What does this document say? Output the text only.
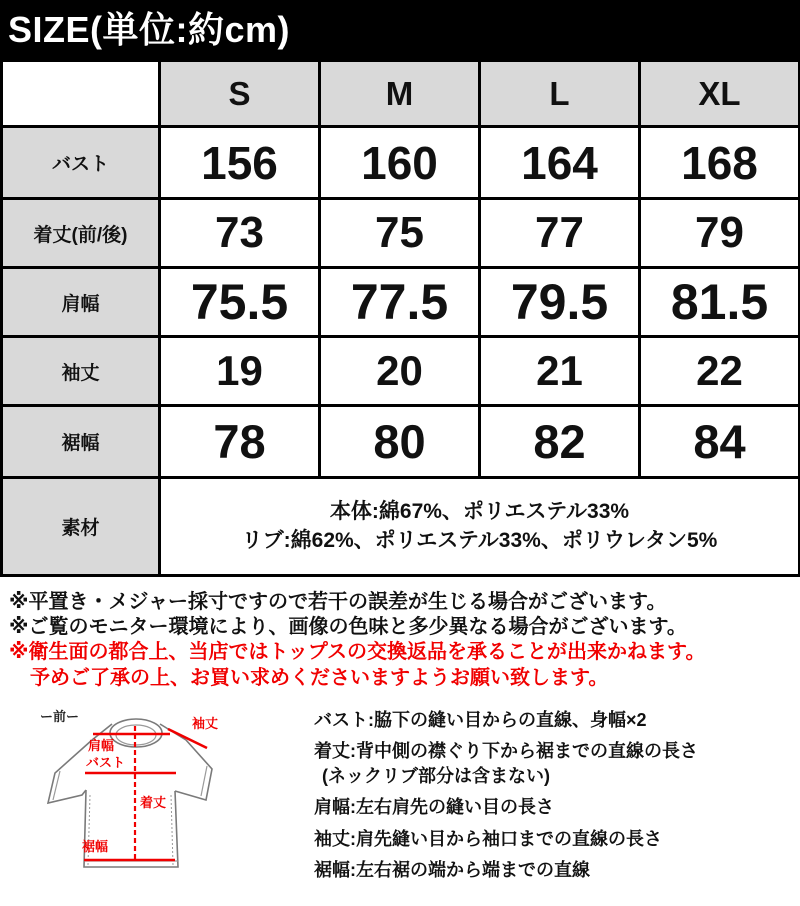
SIZE(単位:約cm)
	S	M	L	XL
バスト	156	160	164	168
着丈(前/後)	73	75	77	79
肩幅	75.5	77.5	79.5	81.5
袖丈	19	20	21	22
裾幅	78	80	82	84
素材	本体:綿67%、ポリエステル33%
リブ:綿62%、ポリエステル33%、ポリウレタン5%			
※平置き・メジャー採寸ですので若干の誤差が生じる場合がございます。
※ご覧のモニター環境により、画像の色味と多少異なる場合がございます。
※衛生面の都合上、当店ではトップスの交換返品を承ることが出来かねます。
予めご了承の上、お買い求めくださいますようお願い致します。
ー前ー
肩幅
袖丈
バスト
着丈
裾幅
バスト:脇下の縫い目からの直線、身幅×2
着丈:背中側の襟ぐり下から裾までの直線の長さ
(ネックリブ部分は含まない)
肩幅:左右肩先の縫い目の長さ
袖丈:肩先縫い目から袖口までの直線の長さ
裾幅:左右裾の端から端までの直線
